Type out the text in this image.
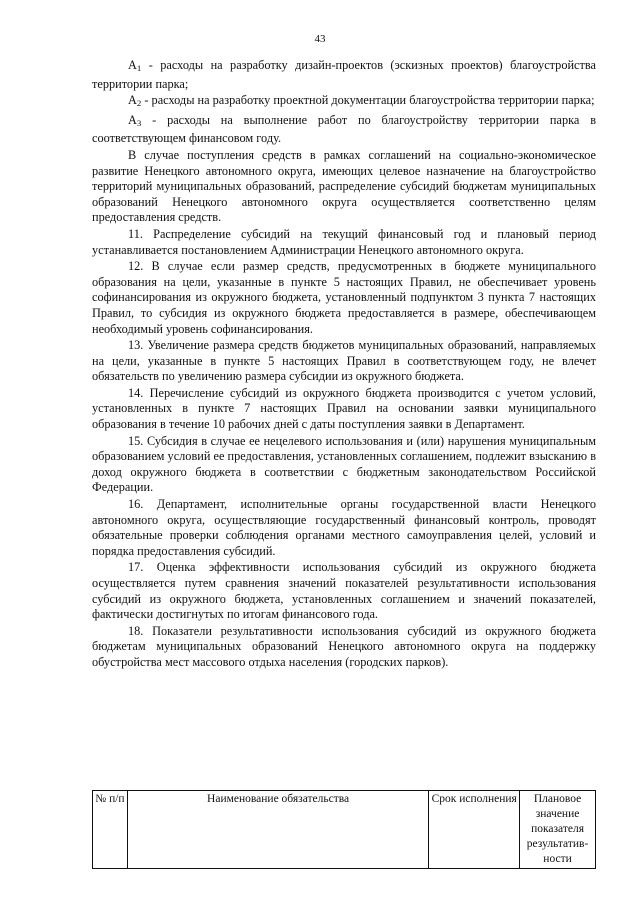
43

$A_1$ - расходы на разработку дизайн-проектов (эскизных проектов) благоустройства территории парка;

$A_2$ - расходы на разработку проектной документации благоустройства территории парка;

$A_3$ - расходы на выполнение работ по благоустройству территории парка в соответствующем финансовом году.

В случае поступления средств в рамках соглашений на социально-экономическое развитие Ненецкого автономного округа, имеющих целевое назначение на благоустройство территорий муниципальных образований, распределение субсидий бюджетам муниципальных образований Ненецкого автономного округа осуществляется соответственно целям предоставления средств.

11. Распределение субсидий на текущий финансовый год и плановый период устанавливается постановлением Администрации Ненецкого автономного округа.

12. В случае если размер средств, предусмотренных в бюджете муниципального образования на цели, указанные в пункте 5 настоящих Правил, не обеспечивает уровень софинансирования из окружного бюджета, установленный подпунктом 3 пункта 7 настоящих Правил, то субсидия из окружного бюджета предоставляется в размере, обеспечивающем необходимый уровень софинансирования.

13. Увеличение размера средств бюджетов муниципальных образований, направляемых на цели, указанные в пункте 5 настоящих Правил в соответствующем году, не влечет обязательств по увеличению размера субсидии из окружного бюджета.

14. Перечисление субсидий из окружного бюджета производится с учетом условий, установленных в пункте 7 настоящих Правил на основании заявки муниципального образования в течение 10 рабочих дней с даты поступления заявки в Департамент.

15. Субсидия в случае ее нецелевого использования и (или) нарушения муниципальным образованием условий ее предоставления, установленных соглашением, подлежит взысканию в доход окружного бюджета в соответствии с бюджетным законодательством Российской Федерации.

16. Департамент, исполнительные органы государственной власти Ненецкого автономного округа, осуществляющие государственный финансовый контроль, проводят обязательные проверки соблюдения органами местного самоуправления целей, условий и порядка предоставления субсидий.

17. Оценка эффективности использования субсидий из окружного бюджета осуществляется путем сравнения значений показателей результативности использования субсидий из окружного бюджета, установленных соглашением и значений показателей, фактически достигнутых по итогам финансового года.

18. Показатели результативности использования субсидий из окружного бюджета бюджетам муниципальных образований Ненецкого автономного округа на поддержку обустройства мест массового отдыха населения (городских парков).

№ п/п	Наименование обязательства	Срок исполнения	Плановое значение показателя результатив-ности
